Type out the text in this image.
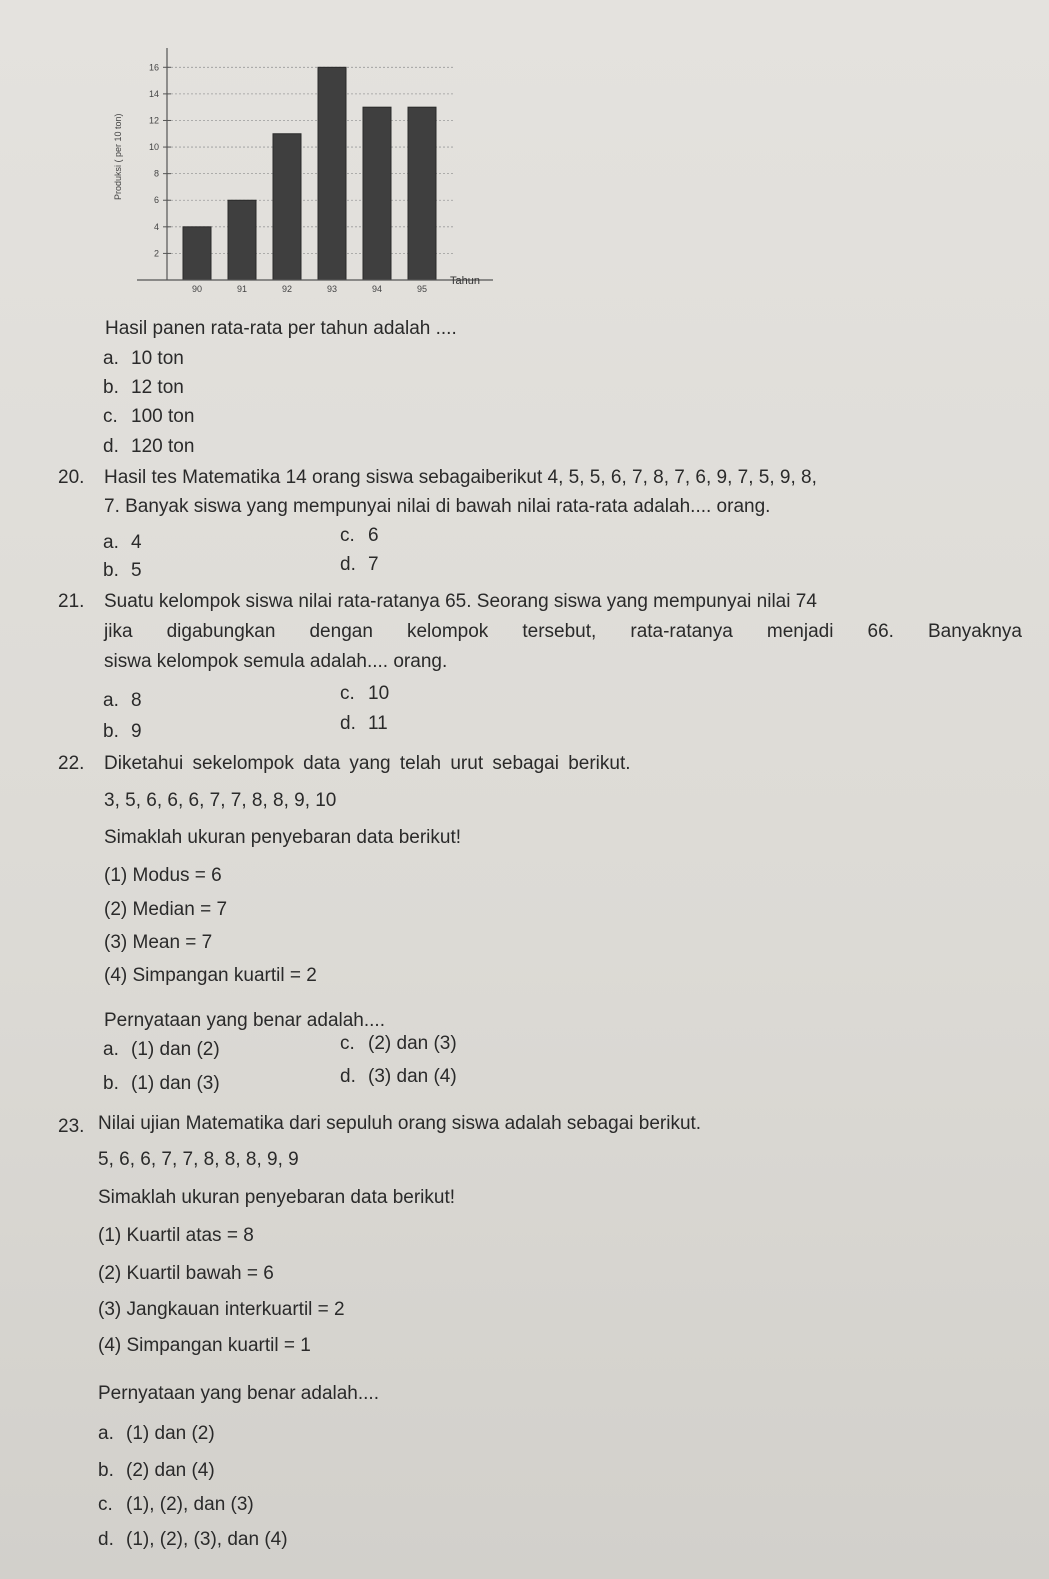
2
4
6
8
10
12
14
16
90	91	92	93	94	95
Produksi ( per 10 ton)
Tahun
Hasil panen rata-rata per tahun adalah ....
a. 10 ton
b. 12 ton
c. 100 ton
d. 120 ton
20. Hasil tes Matematika 14 orang siswa sebagaiberikut 4, 5, 5, 6, 7, 8, 7, 6, 9, 7, 5, 9, 8,
7. Banyak siswa yang mempunyai nilai di bawah nilai rata-rata adalah.... orang.
a. 4
b. 5
c. 6
d. 7
21. Suatu kelompok siswa nilai rata-ratanya 65. Seorang siswa yang mempunyai nilai 74
jika digabungkan dengan kelompok tersebut, rata-ratanya menjadi 66. Banyaknya
siswa kelompok semula adalah.... orang.
a. 8
b. 9
c. 10
d. 11
22. Diketahui sekelompok data yang telah urut sebagai berikut.
3, 5, 6, 6, 6, 7, 7, 8, 8, 9, 10
Simaklah ukuran penyebaran data berikut!
(1) Modus = 6
(2) Median = 7
(3) Mean = 7
(4) Simpangan kuartil = 2
Pernyataan yang benar adalah....
a. (1) dan (2)
b. (1) dan (3)
c. (2) dan (3)
d. (3) dan (4)
23. Nilai ujian Matematika dari sepuluh orang siswa adalah sebagai berikut.
5, 6, 6, 7, 7, 8, 8, 8, 9, 9
Simaklah ukuran penyebaran data berikut!
(1) Kuartil atas = 8
(2) Kuartil bawah = 6
(3) Jangkauan interkuartil = 2
(4) Simpangan kuartil = 1
Pernyataan yang benar adalah....
a. (1) dan (2)
b. (2) dan (4)
c. (1), (2), dan (3)
d. (1), (2), (3), dan (4)
